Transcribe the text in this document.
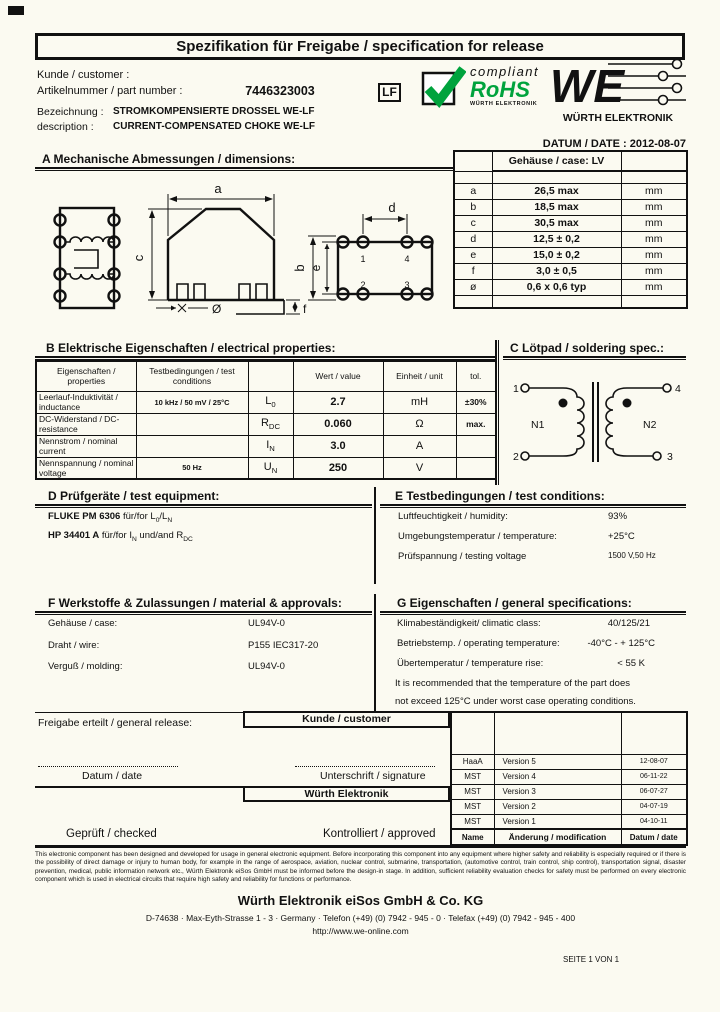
Spezifikation für Freigabe / specification for release
Kunde / customer :
Artikelnummer / part number :	7446323003	LF
Bezeichnung : STROMKOMPENSIERTE DROSSEL WE-LF
description : CURRENT-COMPENSATED CHOKE WE-LF
DATUM / DATE : 2012-08-07
compliant
RoHS
WÜRTH ELEKTRONIK WE
WÜRTH ELEKTRONIK
A Mechanische Abmessungen / dimensions:
a
c
Ø	f
1	4
2	3
d
b e
	Gehäuse / case: LV	

a	26,5 max	mm
b	18,5 max	mm
c	30,5 max	mm
d	12,5 ± 0,2	mm
e	15,0 ± 0,2	mm
f	3,0 ± 0,5	mm
ø	0,6 x 0,6 typ	mm

B Elektrische Eigenschaften / electrical properties:
Eigenschaften / properties	Testbedingungen / test conditions		Wert / value	Einheit / unit	tol.
Leerlauf-Induktivität / inductance	10 kHz / 50 mV / 25°C	$L_0$	2.7	mH	±30%
DC-Widerstand / DC-resistance		$R_{DC}$	0.060	Ω	max.
Nennstrom / nominal current		$I_N$	3.0	A	
Nennspannung / nominal voltage	50 Hz	$U_N$	250	V	
C Lötpad / soldering spec.:
1
2
4
3
N1	N2
D Prüfgeräte / test equipment:
FLUKE PM 6306 für/for $L_0/L_N$
HP 34401 A für/for $I_N$ und/and $R_{DC}$
E Testbedingungen / test conditions:
Luftfeuchtigkeit / humidity:	93%
Umgebungstemperatur / temperature:	+25°C
Prüfspannung / testing voltage	1500 V,50 Hz
F Werkstoffe & Zulassungen / material & approvals:
Gehäuse / case:	UL94V-0
Draht / wire:	P155 IEC317-20
Verguß / molding:	UL94V-0
G Eigenschaften / general specifications:
Klimabeständigkeit/ climatic class:	40/125/21
Betriebstemp. / operating temperature:	-40°C - + 125°C
Übertemperatur / temperature rise:	< 55 K
It is recommended that the temperature of the part does
not exceed 125°C under worst case operating conditions.
Freigabe erteilt / general release:	Kunde / customer
Datum / date	Unterschrift / signature
Würth Elektronik
Geprüft / checked	Kontrolliert / approved

HaaA	Version 5	12-08-07
MST	Version 4	06-11-22
MST	Version 3	06-07-27
MST	Version 2	04-07-19
MST	Version 1	04-10-11
Name	Änderung / modification	Datum / date
This electronic component has been designed and developed for usage in general electronic equipment. Before incorporating this component into any equipment where higher safety and reliability is especially required or if there is the possibility of direct damage or injury to human body, for example in the range of aerospace, aviation, nuclear control, submarine, transportation, (automotive control, train control, ship control), transportation signal, disaster prevention, medical, public information network etc., Würth Elektronik eiSos GmbH must be informed before the design-in stage. In addition, sufficient reliability evaluation checks for safety must be performed on every electronic component which is used in electrical circuits that require high safety and reliability for functions or performance.
Würth Elektronik eiSos GmbH & Co. KG
D-74638 · Max-Eyth-Strasse 1 - 3 · Germany · Telefon (+49) (0) 7942 - 945 - 0 · Telefax (+49) (0) 7942 - 945 - 400
http://www.we-online.com
SEITE 1 VON 1
